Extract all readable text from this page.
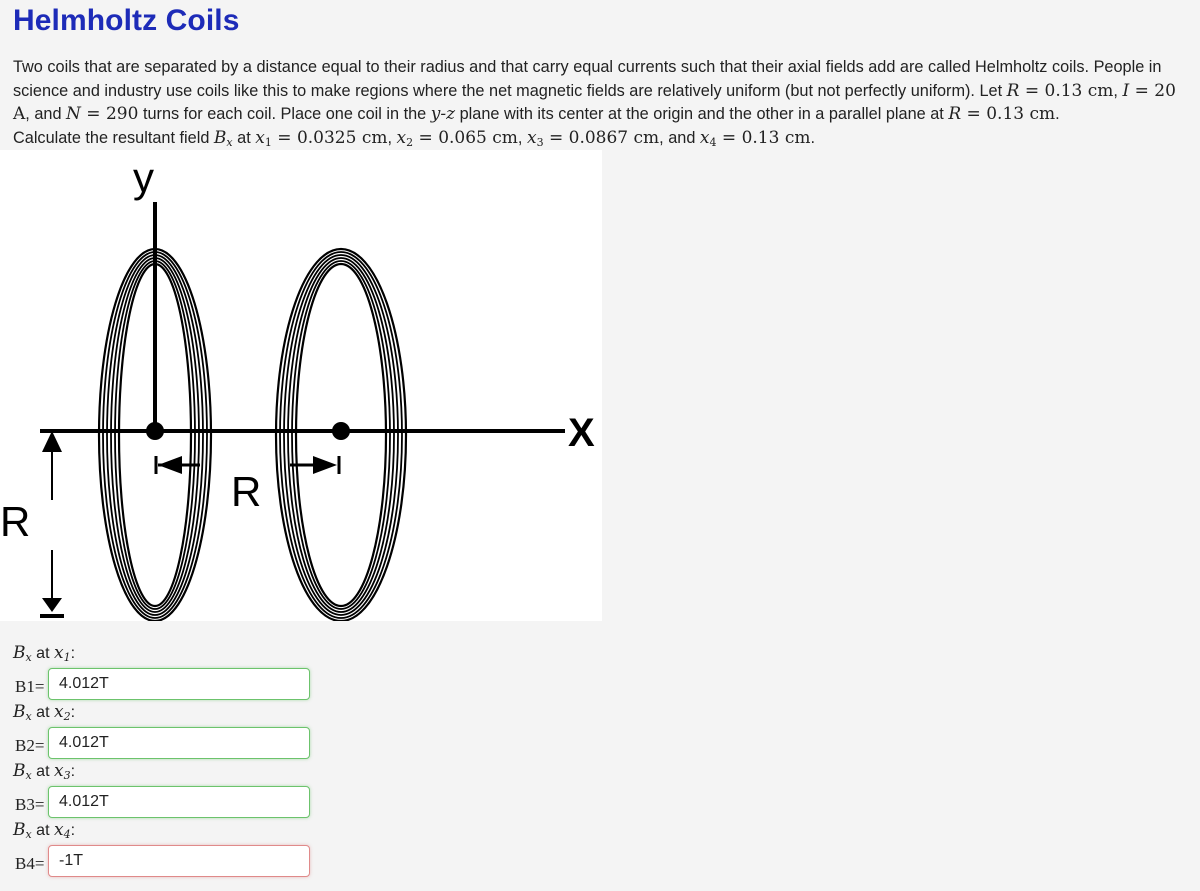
Helmholtz Coils
Two coils that are separated by a distance equal to their radius and that carry equal currents such that their axial fields add are called Helmholtz coils. People in science and industry use coils like this to make regions where the net magnetic fields are relatively uniform (but not perfectly uniform). Let R = 0.13 cm, I = 20 A, and N = 290 turns for each coil. Place one coil in the y-z plane with its center at the origin and the other in a parallel plane at R = 0.13 cm.
Calculate the resultant field $B_x$ at $x_1 = 0.0325$ cm, $x_2 = 0.065$ cm, $x_3 = 0.0867$ cm, and $x_4 = 0.13$ cm.
y
X
R
R
$B_x$ at $x_1$:
B1=
4.012T
$B_x$ at $x_2$:
B2=
4.012T
$B_x$ at $x_3$:
B3=
4.012T
$B_x$ at $x_4$:
B4=
-1T
